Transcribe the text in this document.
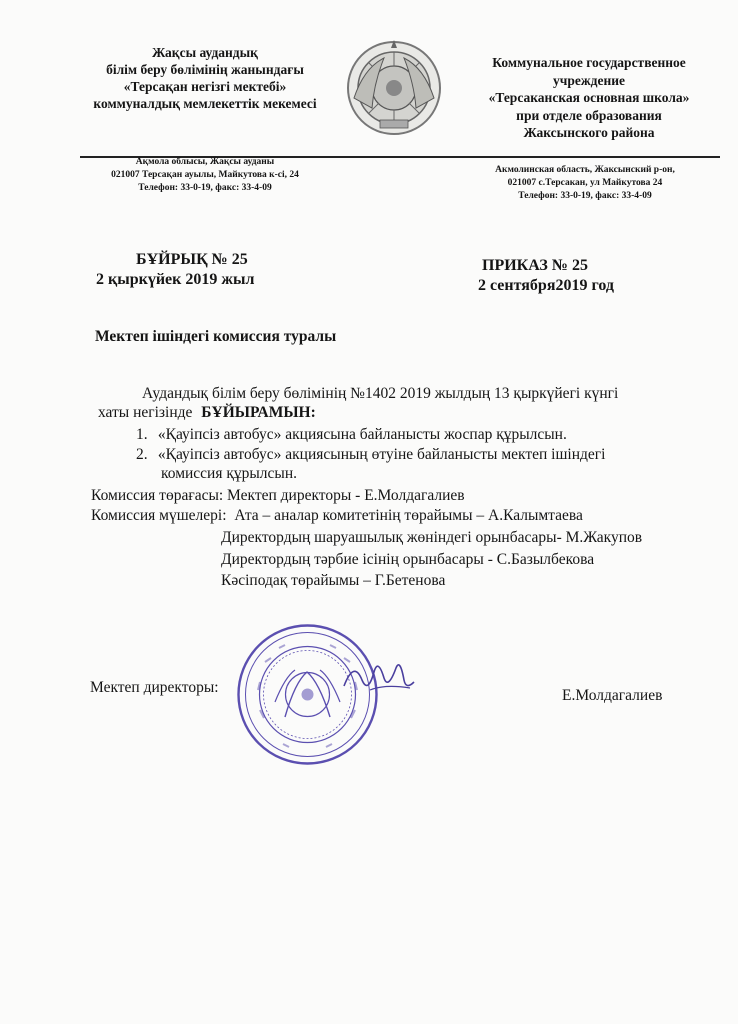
Жақсы аудандық
білім беру бөлімінің жанындағы
«Терсақан негізгі мектебі»
коммуналдық мемлекеттік мекемесі
Коммунальное государственное
учреждение
«Терсаканская основная школа»
при отделе образования
Жаксынского района
Ақмола облысы, Жақсы ауданы
021007 Терсақан ауылы, Майкутова к-сі, 24
Телефон: 33-0-19, факс: 33-4-09
Акмолинская область, Жаксынский р-он,
021007 с.Терсакан, ул Майкутова 24
Телефон: 33-0-19, факс: 33-4-09
БҰЙРЫҚ № 25
2 қыркүйек 2019 жыл
ПРИКАЗ № 25
2 сентября2019 год
Мектеп ішіндегі комиссия туралы
Аудандық білім беру бөлімінің №1402 2019 жылдың 13 қыркүйегі күнгі
хаты негізінде БҰЙЫРАМЫН:
1. «Қауіпсіз автобус» акциясына байланысты жоспар құрылсын.
2. «Қауіпсіз автобус» акциясының өтуіне байланысты мектеп ішіндегі
комиссия құрылсын.
Комиссия төрағасы: Мектеп директоры - Е.Молдагалиев
Комиссия мүшелері: Ата – аналар комитетінің төрайымы – А.Калымтаева
Директордың шаруашылық жөніндегі орынбасары- М.Жакупов
Директордың тәрбие ісінің орынбасары - С.Базылбекова
Кәсіподақ төрайымы – Г.Бетенова
Мектеп директоры:	Е.Молдагалиев
